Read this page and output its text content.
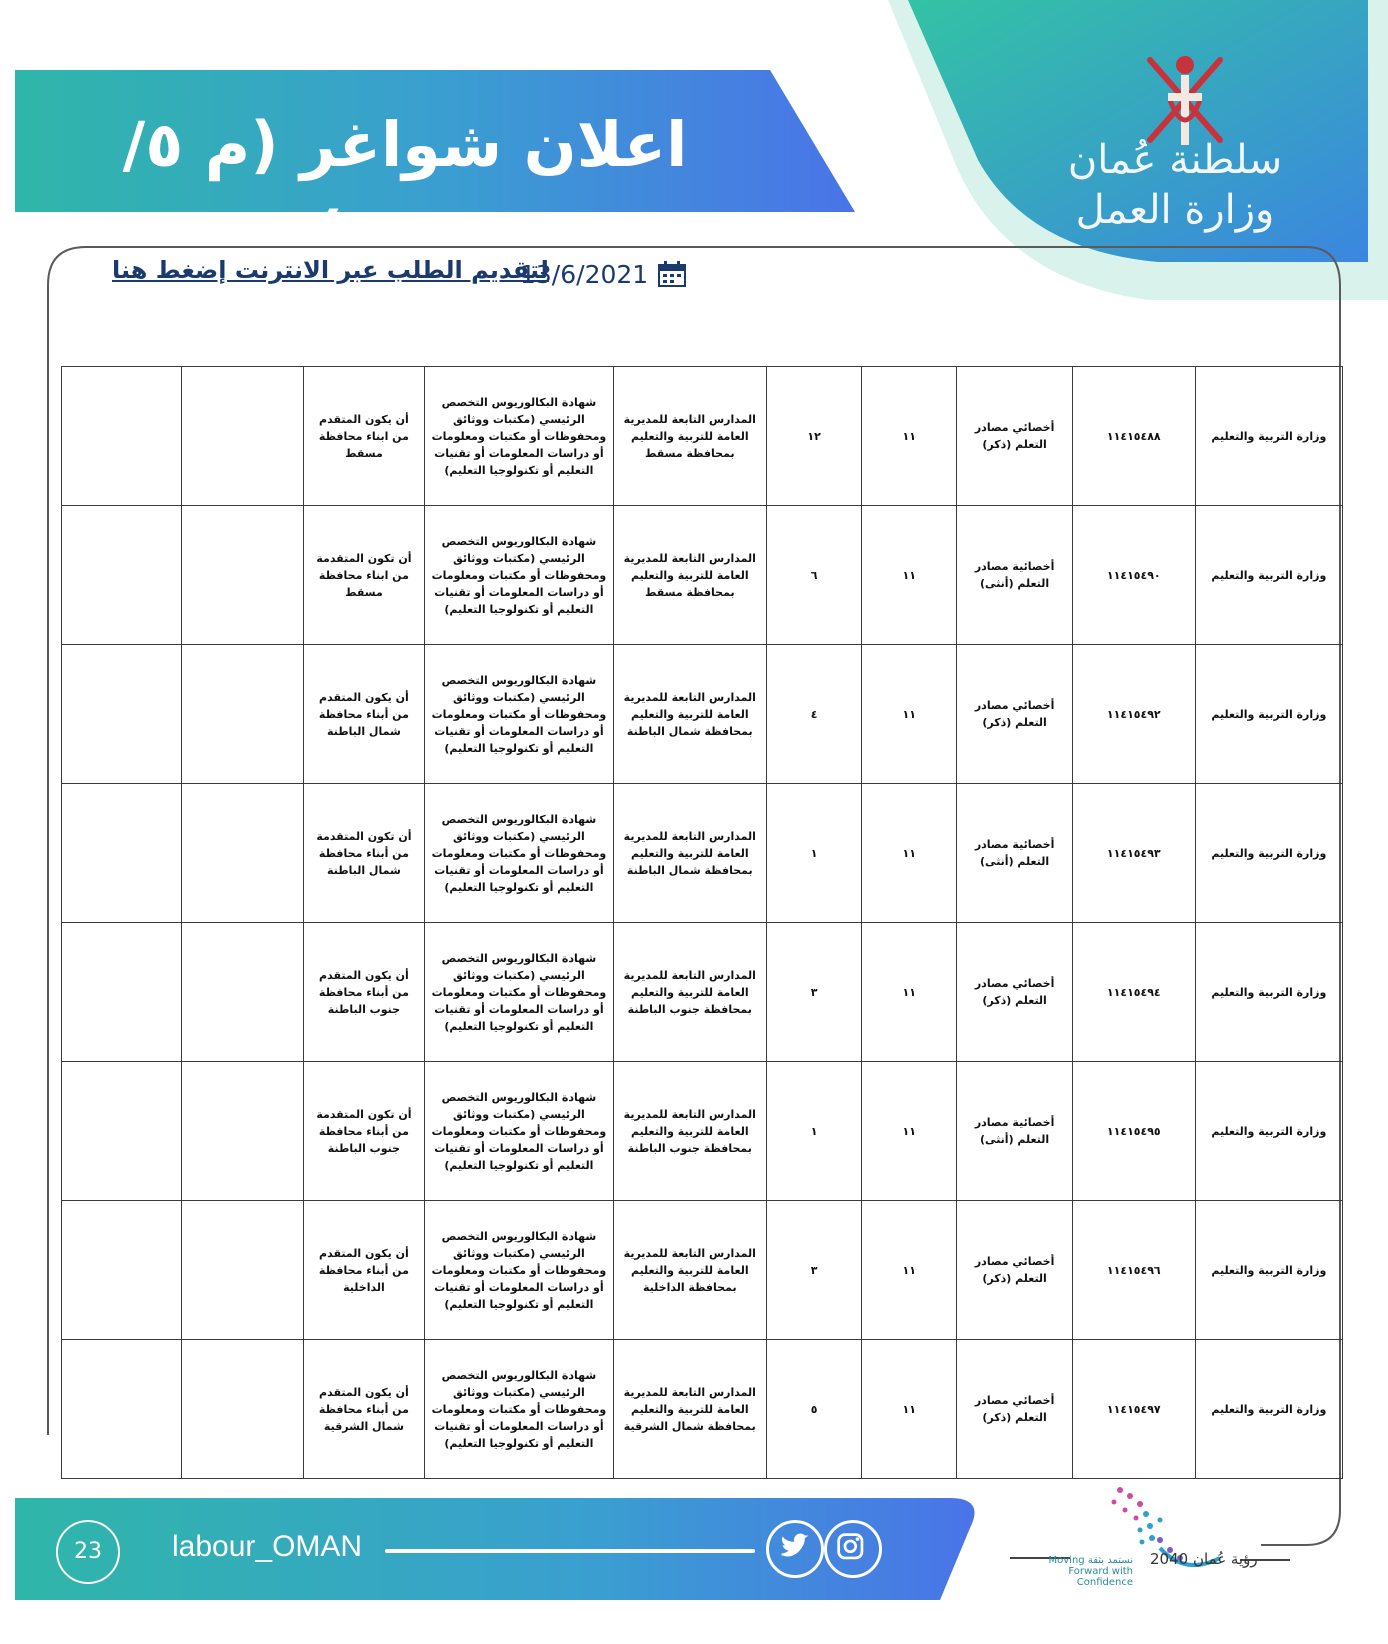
سلطنة عُمان
وزارة العمل
اعلان شواغر (م ٥/ ٢٠٢١)
لتقديم الطلب عبر الانترنت إضغط هنا
13/6/2021
وزارة التربية والتعليم	١١٤١٥٤٨٨	أخصائي مصادر التعلم (ذكر)	١١	١٢	المدارس التابعة للمديرية العامة للتربية والتعليم بمحافظة مسقط	شهادة البكالوريوس التخصص الرئيسي (مكتبات ووثائق ومحفوظات أو مكتبات ومعلومات أو دراسات المعلومات أو تقنيات التعليم أو تكنولوجيا التعليم)	أن يكون المتقدم من ابناء محافظة مسقط		
وزارة التربية والتعليم	١١٤١٥٤٩٠	أخصائية مصادر التعلم (أنثى)	١١	٦	المدارس التابعة للمديرية العامة للتربية والتعليم بمحافظة مسقط	شهادة البكالوريوس التخصص الرئيسي (مكتبات ووثائق ومحفوظات أو مكتبات ومعلومات أو دراسات المعلومات أو تقنيات التعليم أو تكنولوجيا التعليم)	أن تكون المتقدمة من ابناء محافظة مسقط		
وزارة التربية والتعليم	١١٤١٥٤٩٢	أخصائي مصادر التعلم (ذكر)	١١	٤	المدارس التابعة للمديرية العامة للتربية والتعليم بمحافظة شمال الباطنة	شهادة البكالوريوس التخصص الرئيسي (مكتبات ووثائق ومحفوظات أو مكتبات ومعلومات أو دراسات المعلومات أو تقنيات التعليم أو تكنولوجيا التعليم)	أن يكون المتقدم من أبناء محافظة شمال الباطنة		
وزارة التربية والتعليم	١١٤١٥٤٩٣	أخصائية مصادر التعلم (أنثى)	١١	١	المدارس التابعة للمديرية العامة للتربية والتعليم بمحافظة شمال الباطنة	شهادة البكالوريوس التخصص الرئيسي (مكتبات ووثائق ومحفوظات أو مكتبات ومعلومات أو دراسات المعلومات أو تقنيات التعليم أو تكنولوجيا التعليم)	أن تكون المتقدمة من أبناء محافظة شمال الباطنة		
وزارة التربية والتعليم	١١٤١٥٤٩٤	أخصائي مصادر التعلم (ذكر)	١١	٣	المدارس التابعة للمديرية العامة للتربية والتعليم بمحافظة جنوب الباطنة	شهادة البكالوريوس التخصص الرئيسي (مكتبات ووثائق ومحفوظات أو مكتبات ومعلومات أو دراسات المعلومات أو تقنيات التعليم أو تكنولوجيا التعليم)	أن يكون المتقدم من أبناء محافظة جنوب الباطنة		
وزارة التربية والتعليم	١١٤١٥٤٩٥	أخصائية مصادر التعلم (أنثى)	١١	١	المدارس التابعة للمديرية العامة للتربية والتعليم بمحافظة جنوب الباطنة	شهادة البكالوريوس التخصص الرئيسي (مكتبات ووثائق ومحفوظات أو مكتبات ومعلومات أو دراسات المعلومات أو تقنيات التعليم أو تكنولوجيا التعليم)	أن تكون المتقدمة من أبناء محافظة جنوب الباطنة		
وزارة التربية والتعليم	١١٤١٥٤٩٦	أخصائي مصادر التعلم (ذكر)	١١	٣	المدارس التابعة للمديرية العامة للتربية والتعليم بمحافظة الداخلية	شهادة البكالوريوس التخصص الرئيسي (مكتبات ووثائق ومحفوظات أو مكتبات ومعلومات أو دراسات المعلومات أو تقنيات التعليم أو تكنولوجيا التعليم)	أن يكون المتقدم من أبناء محافظة الداخلية		
وزارة التربية والتعليم	١١٤١٥٤٩٧	أخصائي مصادر التعلم (ذكر)	١١	٥	المدارس التابعة للمديرية العامة للتربية والتعليم بمحافظة شمال الشرقية	شهادة البكالوريوس التخصص الرئيسي (مكتبات ووثائق ومحفوظات أو مكتبات ومعلومات أو دراسات المعلومات أو تقنيات التعليم أو تكنولوجيا التعليم)	أن يكون المتقدم من أبناء محافظة شمال الشرقية		
23	labour_OMAN	نستمد بثقة Moving Forward with Confidence
رؤية عُمان 2040
